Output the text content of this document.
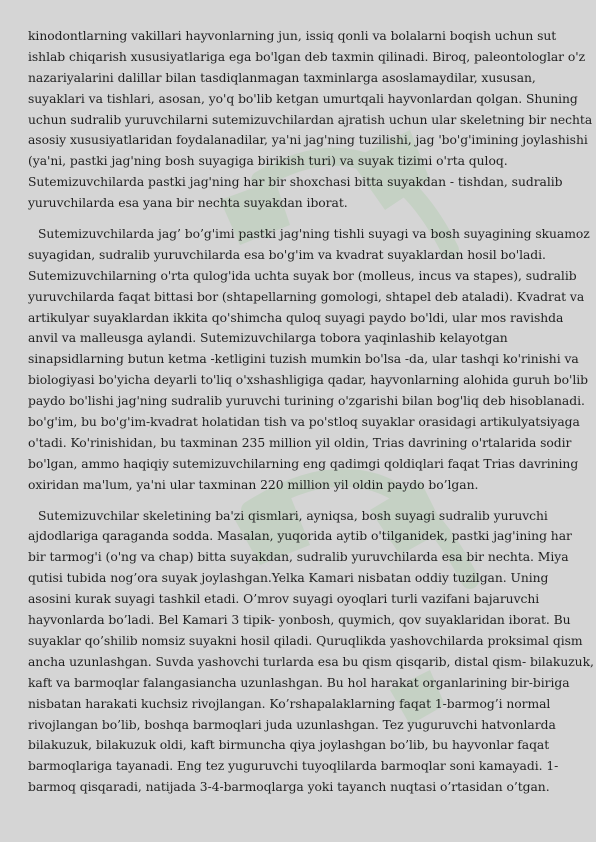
kinodontlarning vakillari hayvonlarning jun, issiq qonli va bolalarni boqish uchun sut
ishlab chiqarish xususiyatlariga ega bo'lgan deb taxmin qilinadi. Biroq, paleontologlar o'z
nazariyalarini dalillar bilan tasdiqlanmagan taxminlarga asoslamaydilar, xususan,
suyaklari va tishlari, asosan, yo'q bo'lib ketgan umurtqali hayvonlardan qolgan. Shuning
uchun sudralib yuruvchilarni sutemizuvchilardan ajratish uchun ular skeletning bir nechta
asosiy xususiyatlaridan foydalanadilar, ya'ni jag'ning tuzilishi, jag 'bo'g'imining joylashishi
(ya'ni, pastki jag'ning bosh suyagiga birikish turi) va suyak tizimi o'rta quloq.
Sutemizuvchilarda pastki jag'ning har bir shoxchasi bitta suyakdan - tishdan, sudralib
yuruvchilarda esa yana bir nechta suyakdan iborat.

Sutemizuvchilarda jag’ bo’g'imi pastki jag'ning tishli suyagi va bosh suyagining skuamoz
suyagidan, sudralib yuruvchilarda esa bo'g'im va kvadrat suyaklardan hosil bo'ladi.
Sutemizuvchilarning o'rta qulog'ida uchta suyak bor (molleus, incus va stapes), sudralib
yuruvchilarda faqat bittasi bor (shtapellarning gomologi, shtapel deb ataladi). Kvadrat va
artikulyar suyaklardan ikkita qo'shimcha quloq suyagi paydo bo'ldi, ular mos ravishda
anvil va malleusga aylandi. Sutemizuvchilarga tobora yaqinlashib kelayotgan
sinapsidlarning butun ketma -ketligini tuzish mumkin bo'lsa -da, ular tashqi ko'rinishi va
biologiyasi bo'yicha deyarli to'liq o'xshashligiga qadar, hayvonlarning alohida guruh bo'lib
paydo bo'lishi jag'ning sudralib yuruvchi turining o'zgarishi bilan bog'liq deb hisoblanadi.
bo'g'im, bu bo'g'im-kvadrat holatidan tish va po'stloq suyaklar orasidagi artikulyatsiyaga
o'tadi. Ko'rinishidan, bu taxminan 235 million yil oldin, Trias davrining o'rtalarida sodir
bo'lgan, ammo haqiqiy sutemizuvchilarning eng qadimgi qoldiqlari faqat Trias davrining
oxiridan ma'lum, ya'ni ular taxminan 220 million yil oldin paydo bo’lgan.

Sutemizuvchilar skeletining ba'zi qismlari, ayniqsa, bosh suyagi sudralib yuruvchi
ajdodlariga qaraganda sodda. Masalan, yuqorida aytib o'tilganidek, pastki jag'ining har
bir tarmog'i (o'ng va chap) bitta suyakdan, sudralib yuruvchilarda esa bir nechta. Miya
qutisi tubida nog’ora suyak joylashgan.Yelka Kamari nisbatan oddiy tuzilgan. Uning
asosini kurak suyagi tashkil etadi. O’mrov suyagi oyoqlari turli vazifani bajaruvchi
hayvonlarda bo’ladi. Bel Kamari 3 tipik- yonbosh, quymich, qov suyaklaridan iborat. Bu
suyaklar qo’shilib nomsiz suyakni hosil qiladi. Quruqlikda yashovchilarda proksimal qism
ancha uzunlashgan. Suvda yashovchi turlarda esa bu qism qisqarib, distal qism- bilakuzuk,
kaft va barmoqlar falangasiancha uzunlashgan. Bu hol harakat organlarining bir-biriga
nisbatan harakati kuchsiz rivojlangan. Ko’rshapalaklarning faqat 1-barmog’i normal
rivojlangan bo’lib, boshqa barmoqlari juda uzunlashgan. Tez yuguruvchi hatvonlarda
bilakuzuk, bilakuzuk oldi, kaft birmuncha qiya joylashgan bo’lib, bu hayvonlar faqat
barmoqlariga tayanadi. Eng tez yuguruvchi tuyoqlilarda barmoqlar soni kamayadi. 1-
barmoq qisqaradi, natijada 3-4-barmoqlarga yoki tayanch nuqtasi o’rtasidan o’tgan.
